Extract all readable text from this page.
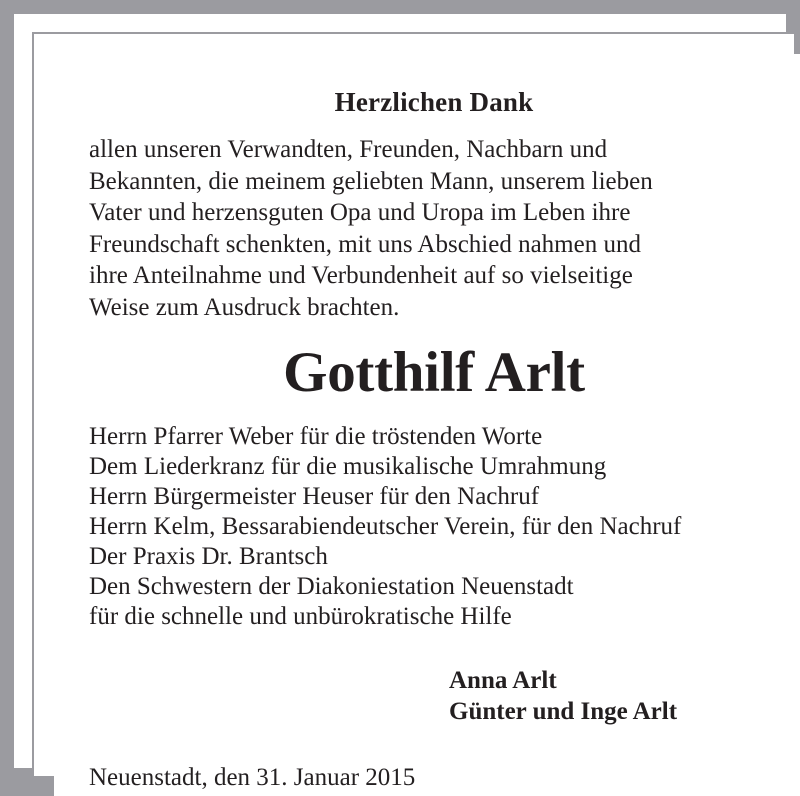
Herzlichen Dank
allen unseren Verwandten, Freunden, Nachbarn und
Bekannten, die meinem geliebten Mann, unserem lieben
Vater und herzensguten Opa und Uropa im Leben ihre
Freundschaft schenkten, mit uns Abschied nahmen und
ihre Anteilnahme und Verbundenheit auf so vielseitige
Weise zum Ausdruck brachten.
Gotthilf Arlt
Herrn Pfarrer Weber für die tröstenden Worte
Dem Liederkranz für die musikalische Umrahmung
Herrn Bürgermeister Heuser für den Nachruf
Herrn Kelm, Bessarabiendeutscher Verein, für den Nachruf
Der Praxis Dr. Brantsch
Den Schwestern der Diakoniestation Neuenstadt
für die schnelle und unbürokratische Hilfe
Anna Arlt
Günter und Inge Arlt
Neuenstadt, den 31. Januar 2015
